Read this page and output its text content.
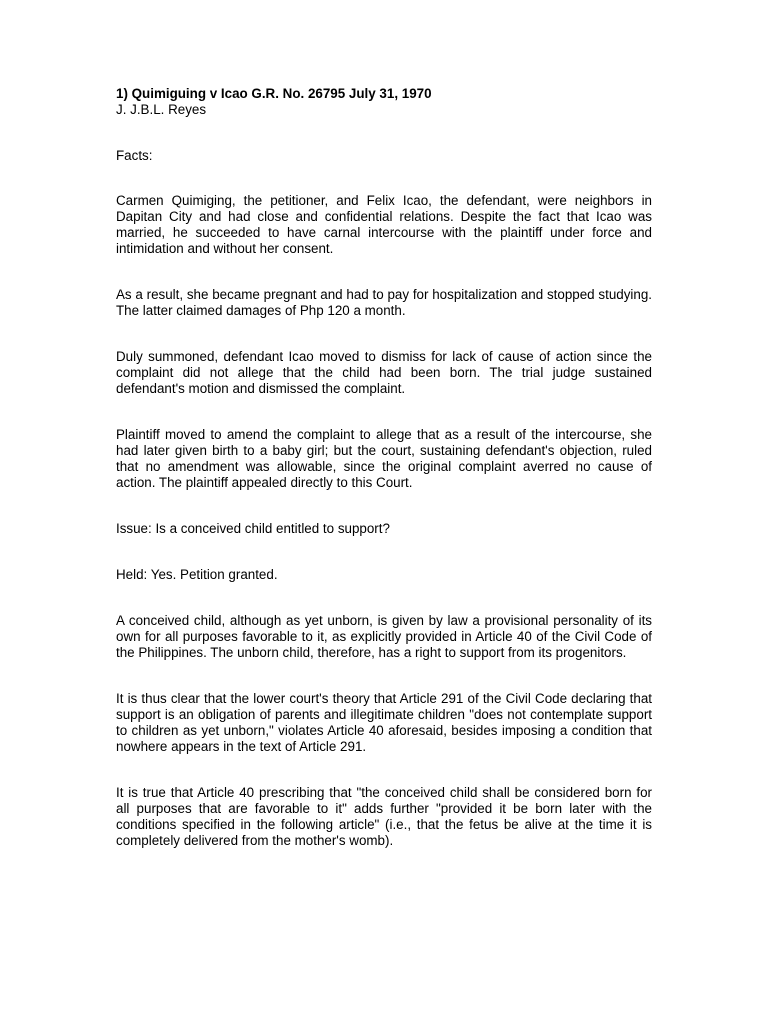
1) Quimiguing v Icao G.R. No. 26795 July 31, 1970

J. J.B.L. Reyes

Facts:

Carmen Quimiging, the petitioner, and Felix Icao, the defendant, were neighbors in Dapitan City and had close and confidential relations. Despite the fact that Icao was married, he succeeded to have carnal intercourse with the plaintiff under force and intimidation and without her consent.

As a result, she became pregnant and had to pay for hospitalization and stopped studying. The latter claimed damages of Php 120 a month.

Duly summoned, defendant Icao moved to dismiss for lack of cause of action since the complaint did not allege that the child had been born. The trial judge sustained defendant's motion and dismissed the complaint.

Plaintiff moved to amend the complaint to allege that as a result of the intercourse, she had later given birth to a baby girl; but the court, sustaining defendant's objection, ruled that no amendment was allowable, since the original complaint averred no cause of action. The plaintiff appealed directly to this Court.

Issue: Is a conceived child entitled to support?

Held: Yes. Petition granted.

A conceived child, although as yet unborn, is given by law a provisional personality of its own for all purposes favorable to it, as explicitly provided in Article 40 of the Civil Code of the Philippines. The unborn child, therefore, has a right to support from its progenitors.

It is thus clear that the lower court's theory that Article 291 of the Civil Code declaring that support is an obligation of parents and illegitimate children "does not contemplate support to children as yet unborn," violates Article 40 aforesaid, besides imposing a condition that nowhere appears in the text of Article 291.

It is true that Article 40 prescribing that "the conceived child shall be considered born for all purposes that are favorable to it" adds further "provided it be born later with the conditions specified in the following article" (i.e., that the fetus be alive at the time it is completely delivered from the mother's womb).
